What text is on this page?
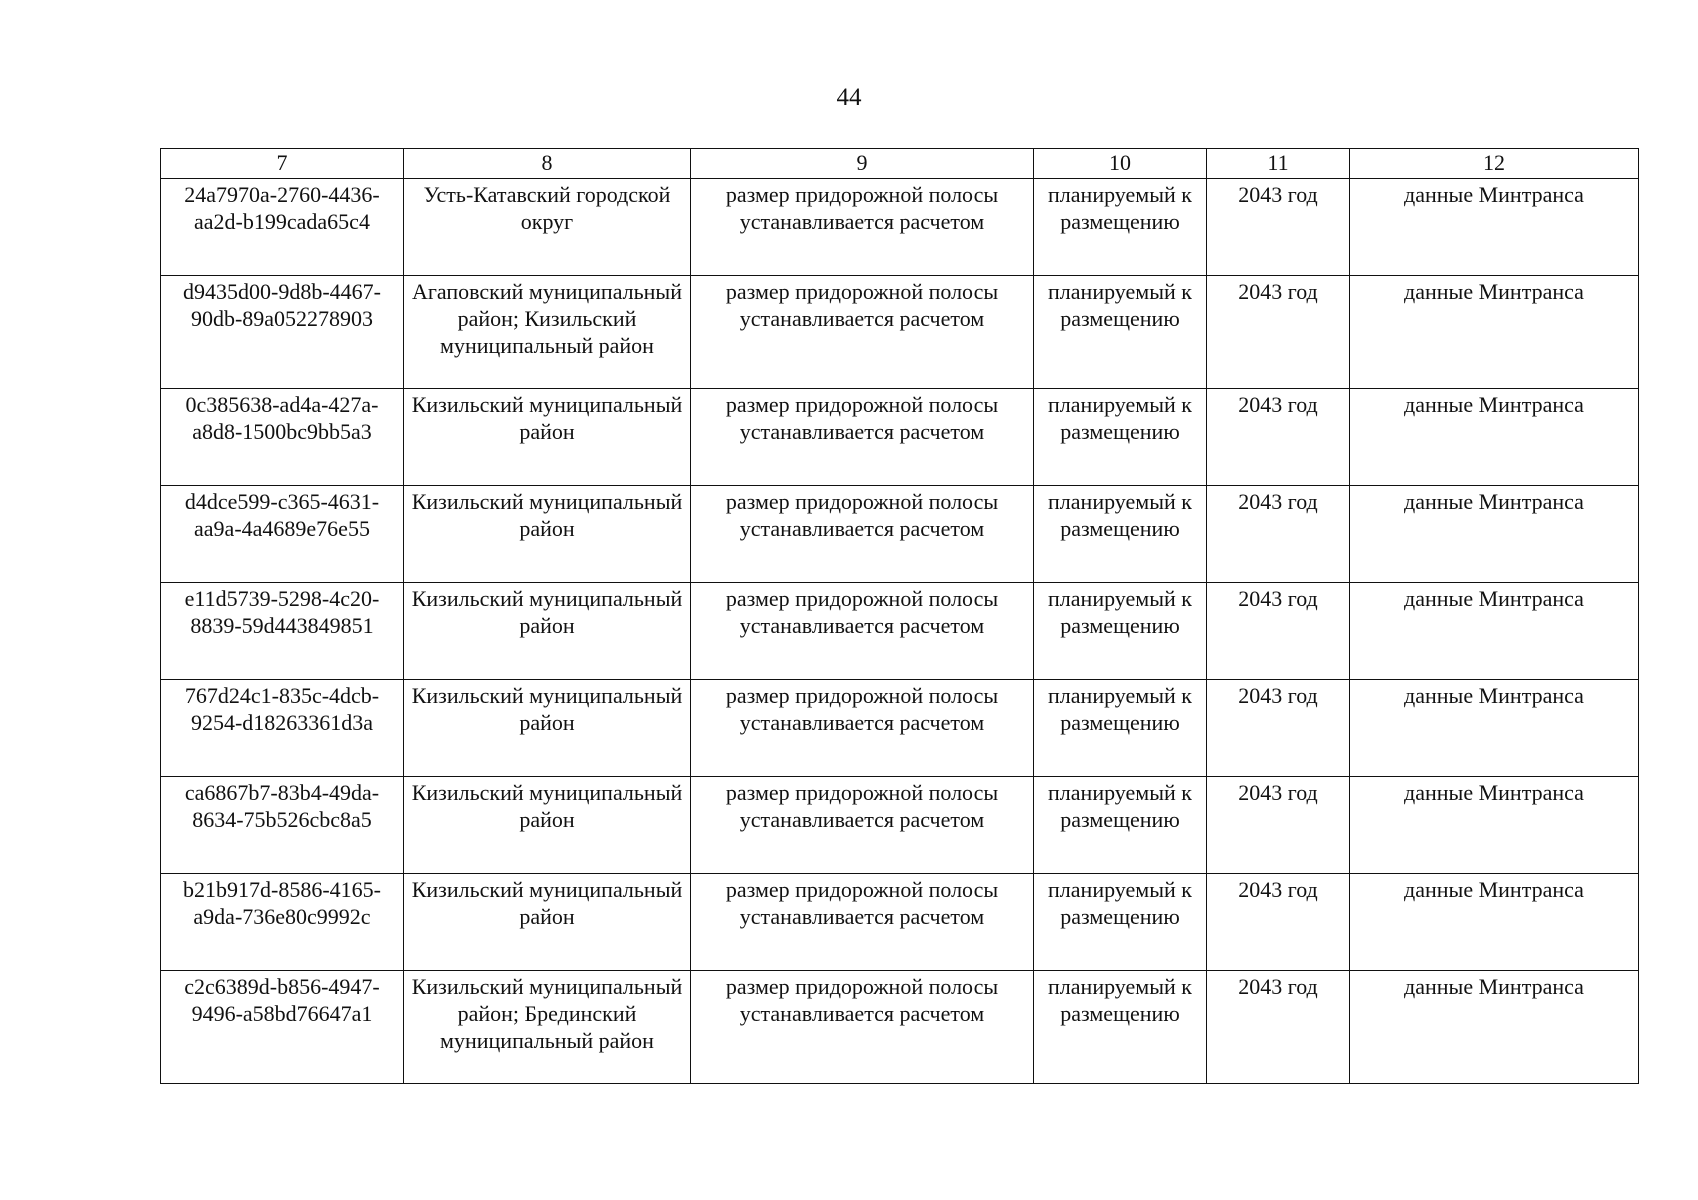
44
7	8	9	10	11	12
24a7970a-2760-4436-aa2d-b199cada65c4	Усть-Катавский городской округ	размер придорожной полосы устанавливается расчетом	планируемый к размещению	2043 год	данные Минтранса
d9435d00-9d8b-4467-90db-89a052278903	Агаповский муниципальный район; Кизильский муниципальный район	размер придорожной полосы устанавливается расчетом	планируемый к размещению	2043 год	данные Минтранса
0c385638-ad4a-427a-a8d8-1500bc9bb5a3	Кизильский муниципальный район	размер придорожной полосы устанавливается расчетом	планируемый к размещению	2043 год	данные Минтранса
d4dce599-c365-4631-aa9a-4a4689e76e55	Кизильский муниципальный район	размер придорожной полосы устанавливается расчетом	планируемый к размещению	2043 год	данные Минтранса
e11d5739-5298-4c20-8839-59d443849851	Кизильский муниципальный район	размер придорожной полосы устанавливается расчетом	планируемый к размещению	2043 год	данные Минтранса
767d24c1-835c-4dcb-9254-d18263361d3a	Кизильский муниципальный район	размер придорожной полосы устанавливается расчетом	планируемый к размещению	2043 год	данные Минтранса
ca6867b7-83b4-49da-8634-75b526cbc8a5	Кизильский муниципальный район	размер придорожной полосы устанавливается расчетом	планируемый к размещению	2043 год	данные Минтранса
b21b917d-8586-4165-a9da-736e80c9992c	Кизильский муниципальный район	размер придорожной полосы устанавливается расчетом	планируемый к размещению	2043 год	данные Минтранса
c2c6389d-b856-4947-9496-a58bd76647a1	Кизильский муниципальный район; Брединский муниципальный район	размер придорожной полосы устанавливается расчетом	планируемый к размещению	2043 год	данные Минтранса
